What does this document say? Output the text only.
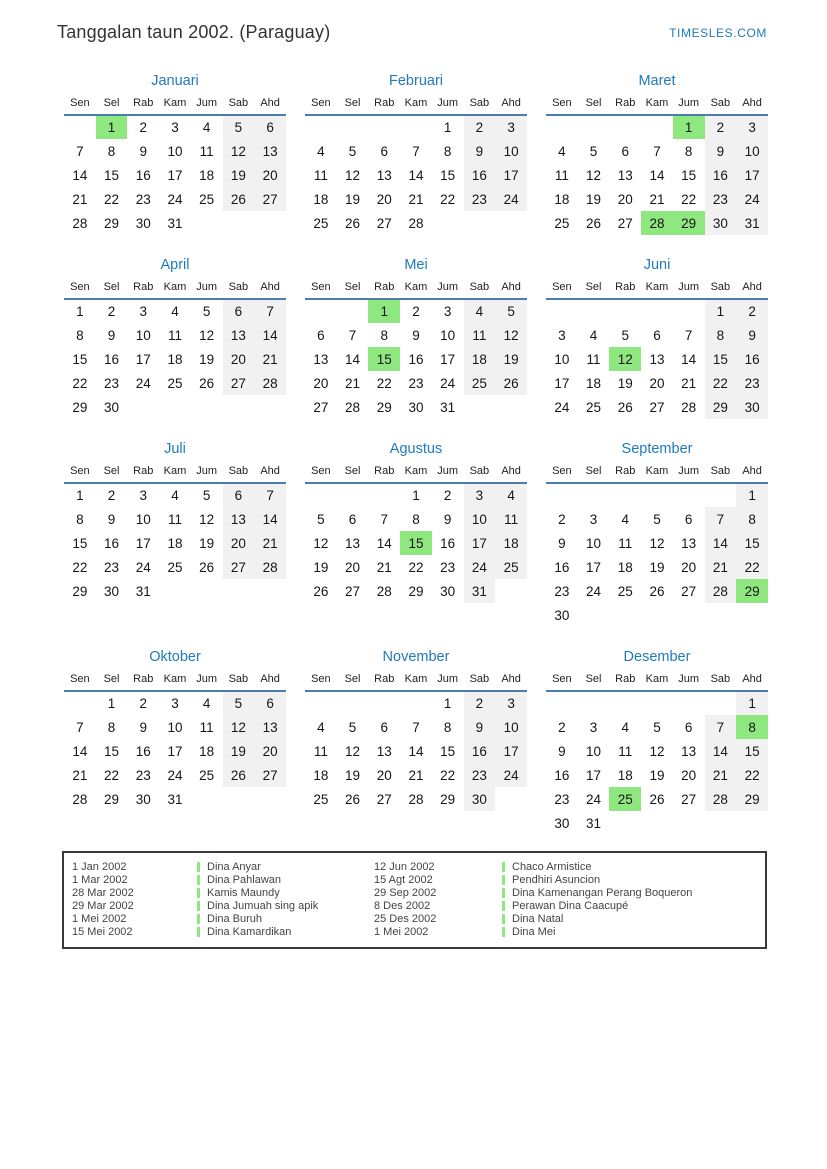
Tanggalan taun 2002. (Paraguay)	TIMESLES.COM
Januari
Sen	Sel	Rab	Kam	Jum	Sab	Ahd
	1	2	3	4	5	6
7	8	9	10	11	12	13
14	15	16	17	18	19	20
21	22	23	24	25	26	27
28	29	30	31			
Februari
Sen	Sel	Rab	Kam	Jum	Sab	Ahd
				1	2	3
4	5	6	7	8	9	10
11	12	13	14	15	16	17
18	19	20	21	22	23	24
25	26	27	28			
Maret
Sen	Sel	Rab	Kam	Jum	Sab	Ahd
				1	2	3
4	5	6	7	8	9	10
11	12	13	14	15	16	17
18	19	20	21	22	23	24
25	26	27	28	29	30	31
April
Sen	Sel	Rab	Kam	Jum	Sab	Ahd
1	2	3	4	5	6	7
8	9	10	11	12	13	14
15	16	17	18	19	20	21
22	23	24	25	26	27	28
29	30					
Mei
Sen	Sel	Rab	Kam	Jum	Sab	Ahd
		1	2	3	4	5
6	7	8	9	10	11	12
13	14	15	16	17	18	19
20	21	22	23	24	25	26
27	28	29	30	31		
Juni
Sen	Sel	Rab	Kam	Jum	Sab	Ahd
					1	2
3	4	5	6	7	8	9
10	11	12	13	14	15	16
17	18	19	20	21	22	23
24	25	26	27	28	29	30
Juli
Sen	Sel	Rab	Kam	Jum	Sab	Ahd
1	2	3	4	5	6	7
8	9	10	11	12	13	14
15	16	17	18	19	20	21
22	23	24	25	26	27	28
29	30	31				
Agustus
Sen	Sel	Rab	Kam	Jum	Sab	Ahd
			1	2	3	4
5	6	7	8	9	10	11
12	13	14	15	16	17	18
19	20	21	22	23	24	25
26	27	28	29	30	31	
September
Sen	Sel	Rab	Kam	Jum	Sab	Ahd
						1
2	3	4	5	6	7	8
9	10	11	12	13	14	15
16	17	18	19	20	21	22
23	24	25	26	27	28	29
30						
Oktober
Sen	Sel	Rab	Kam	Jum	Sab	Ahd
	1	2	3	4	5	6
7	8	9	10	11	12	13
14	15	16	17	18	19	20
21	22	23	24	25	26	27
28	29	30	31			
November
Sen	Sel	Rab	Kam	Jum	Sab	Ahd
				1	2	3
4	5	6	7	8	9	10
11	12	13	14	15	16	17
18	19	20	21	22	23	24
25	26	27	28	29	30	
Desember
Sen	Sel	Rab	Kam	Jum	Sab	Ahd
						1
2	3	4	5	6	7	8
9	10	11	12	13	14	15
16	17	18	19	20	21	22
23	24	25	26	27	28	29
30	31					
1 Jan 2002	Dina Anyar	12 Jun 2002	Chaco Armistice
1 Mar 2002	Dina Pahlawan	15 Agt 2002	Pendhiri Asuncion
28 Mar 2002	Kamis Maundy	29 Sep 2002	Dina Kamenangan Perang Boqueron
29 Mar 2002	Dina Jumuah sing apik	8 Des 2002	Perawan Dina Caacupé
1 Mei 2002	Dina Buruh	25 Des 2002	Dina Natal
15 Mei 2002	Dina Kamardikan	1 Mei 2002	Dina Mei
